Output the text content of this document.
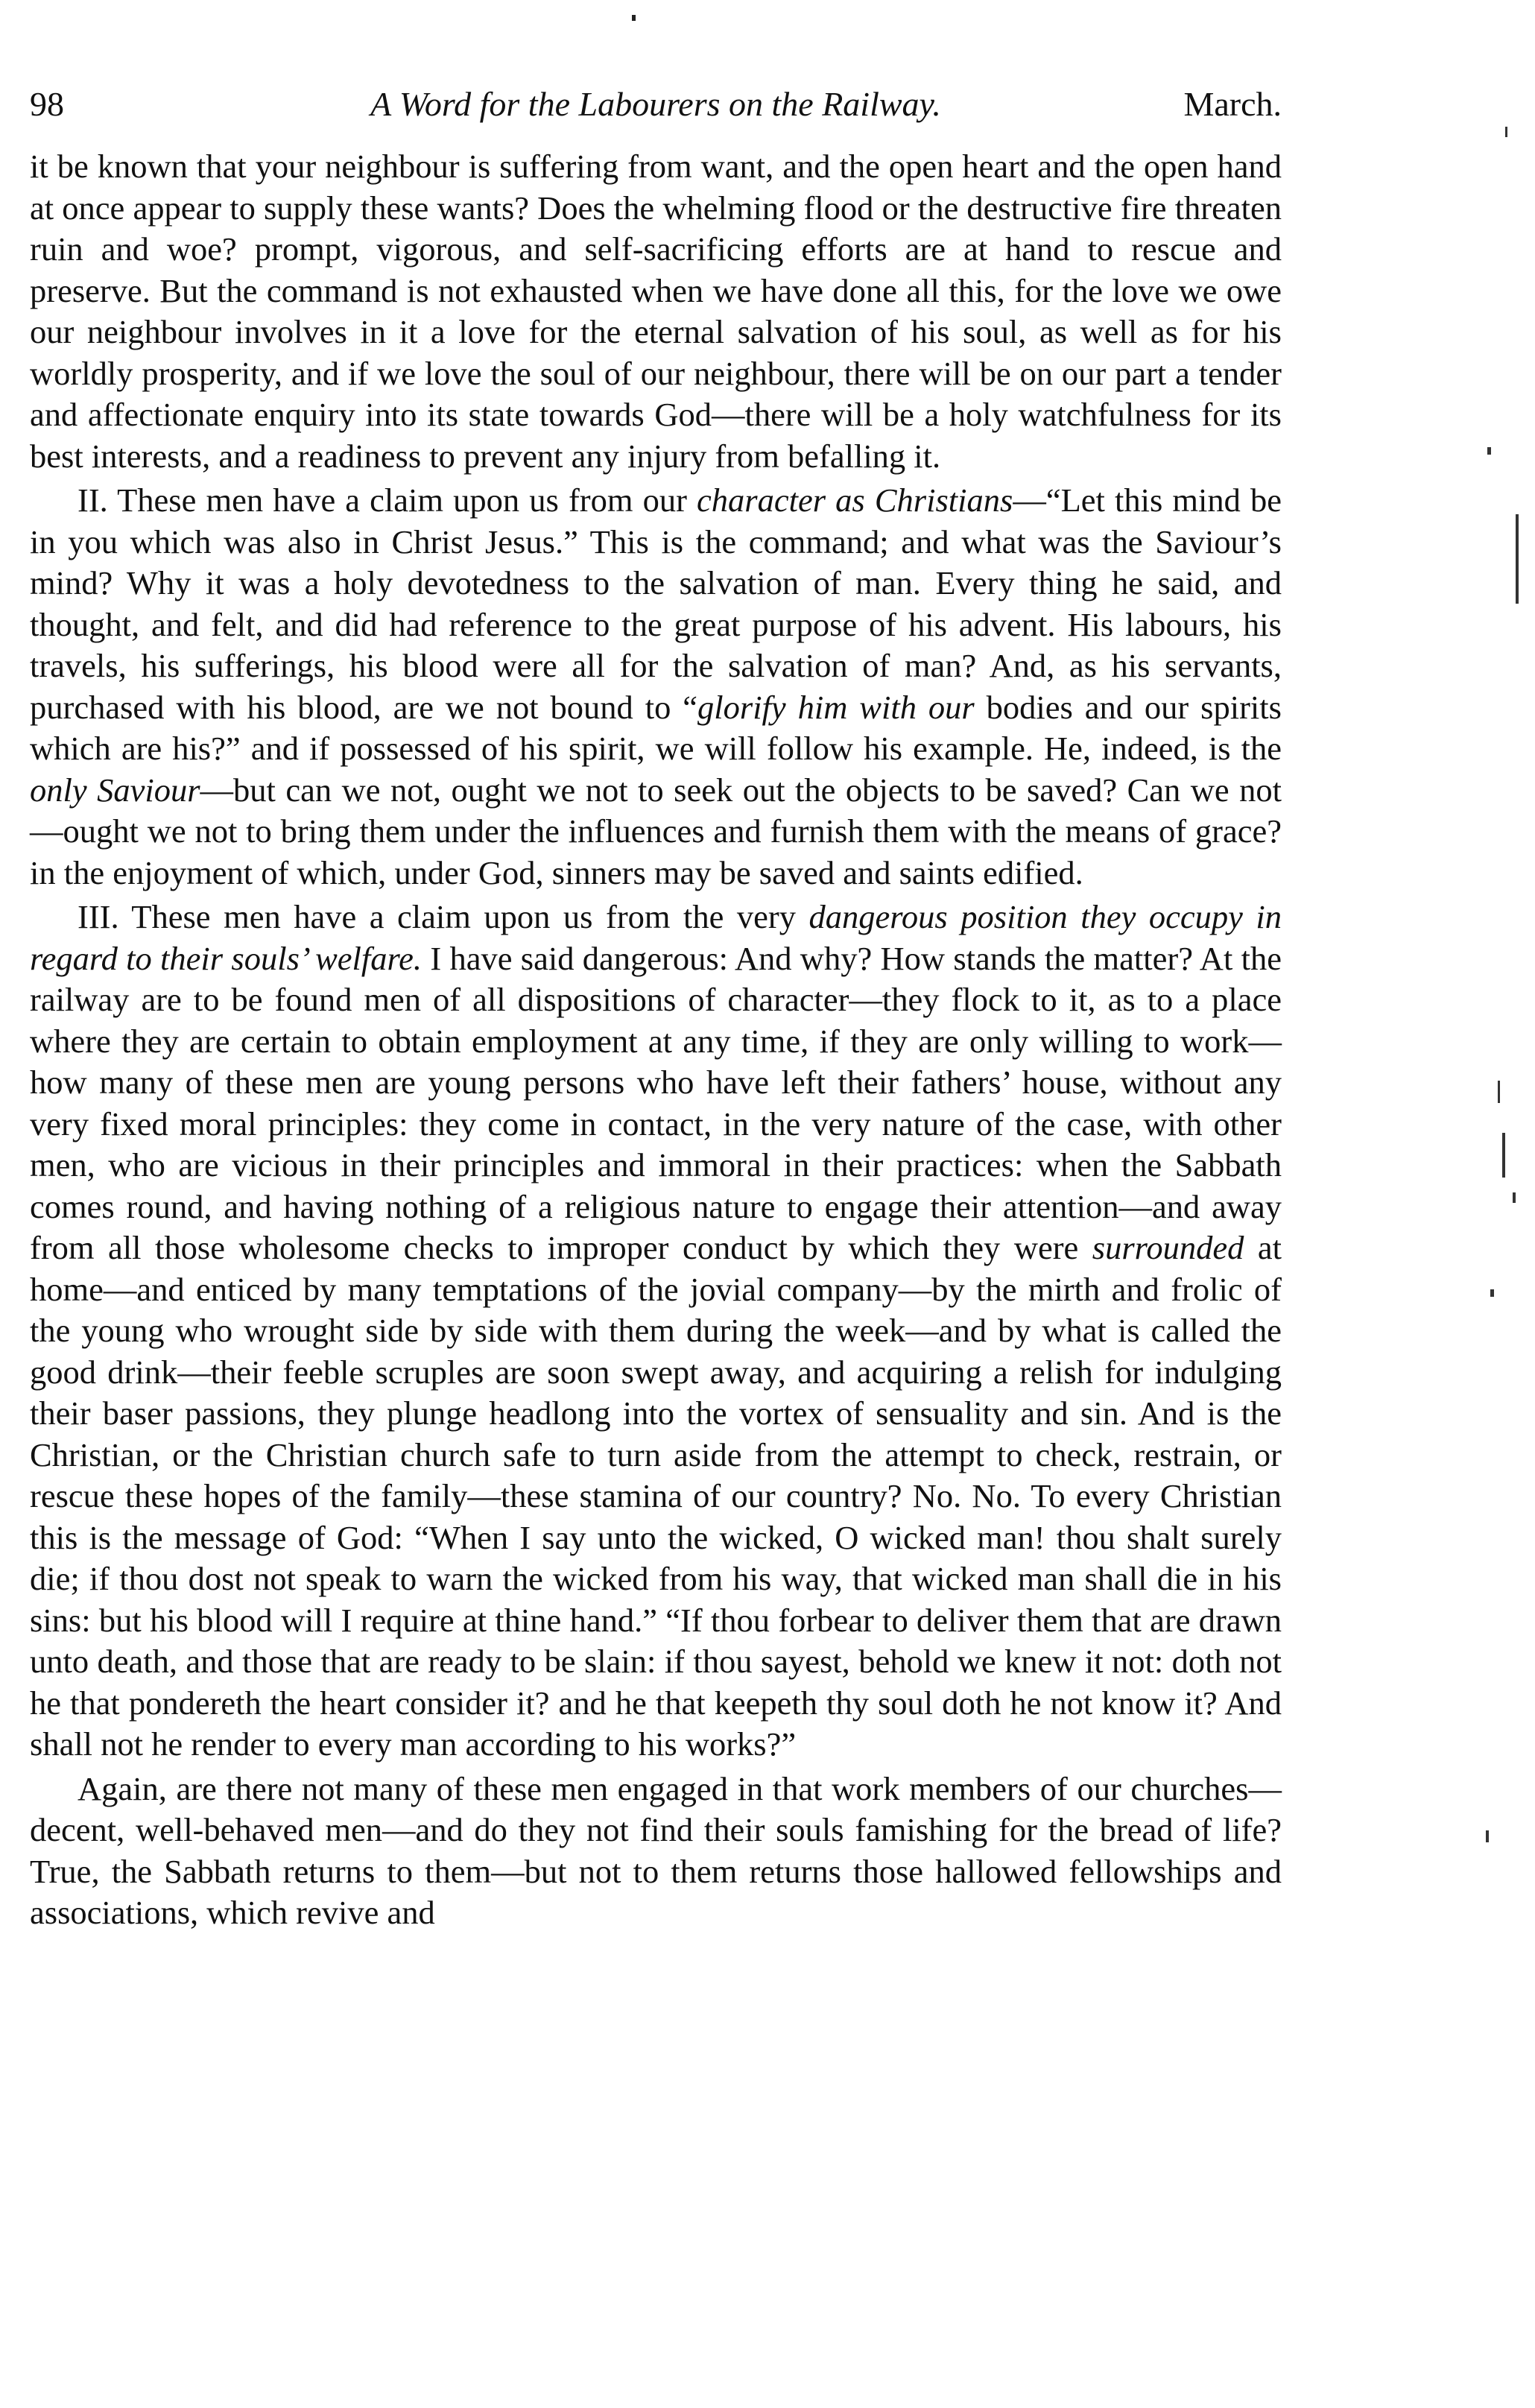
98	A Word for the Labourers on the Railway.	March.

it be known that your neighbour is suffering from want, and the open heart and the open hand at once appear to supply these wants? Does the whelming flood or the destructive fire threaten ruin and woe? prompt, vigorous, and self-sacrificing efforts are at hand to rescue and preserve. But the command is not exhausted when we have done all this, for the love we owe our neighbour involves in it a love for the eternal salvation of his soul, as well as for his worldly prosperity, and if we love the soul of our neighbour, there will be on our part a tender and affectionate enquiry into its state towards God—there will be a holy watchfulness for its best interests, and a readiness to prevent any injury from befalling it.

II. These men have a claim upon us from our character as Christians—“Let this mind be in you which was also in Christ Jesus.” This is the command; and what was the Saviour’s mind? Why it was a holy devotedness to the salvation of man. Every thing he said, and thought, and felt, and did had reference to the great purpose of his advent. His labours, his travels, his sufferings, his blood were all for the salvation of man? And, as his servants, purchased with his blood, are we not bound to “glorify him with our bodies and our spirits which are his?” and if possessed of his spirit, we will follow his example. He, indeed, is the only Saviour—but can we not, ought we not to seek out the objects to be saved? Can we not—ought we not to bring them under the influences and furnish them with the means of grace? in the enjoyment of which, under God, sinners may be saved and saints edified.

III. These men have a claim upon us from the very dangerous position they occupy in regard to their souls’ welfare. I have said dangerous: And why? How stands the matter? At the railway are to be found men of all dispositions of character—they flock to it, as to a place where they are certain to obtain employment at any time, if they are only willing to work—how many of these men are young persons who have left their fathers’ house, without any very fixed moral principles: they come in contact, in the very nature of the case, with other men, who are vicious in their principles and immoral in their practices: when the Sabbath comes round, and having nothing of a religious nature to engage their attention—and away from all those wholesome checks to improper conduct by which they were surrounded at home—and enticed by many temptations of the jovial company—by the mirth and frolic of the young who wrought side by side with them during the week—and by what is called the good drink—their feeble scruples are soon swept away, and acquiring a relish for indulging their baser passions, they plunge headlong into the vortex of sensuality and sin. And is the Christian, or the Christian church safe to turn aside from the attempt to check, restrain, or rescue these hopes of the family—these stamina of our country? No. No. To every Christian this is the message of God: “When I say unto the wicked, O wicked man! thou shalt surely die; if thou dost not speak to warn the wicked from his way, that wicked man shall die in his sins: but his blood will I require at thine hand.” “If thou forbear to deliver them that are drawn unto death, and those that are ready to be slain: if thou sayest, behold we knew it not: doth not he that pondereth the heart consider it? and he that keepeth thy soul doth he not know it? And shall not he render to every man according to his works?”

Again, are there not many of these men engaged in that work members of our churches—decent, well-behaved men—and do they not find their souls famishing for the bread of life? True, the Sabbath returns to them—but not to them returns those hallowed fellowships and associations, which revive and
